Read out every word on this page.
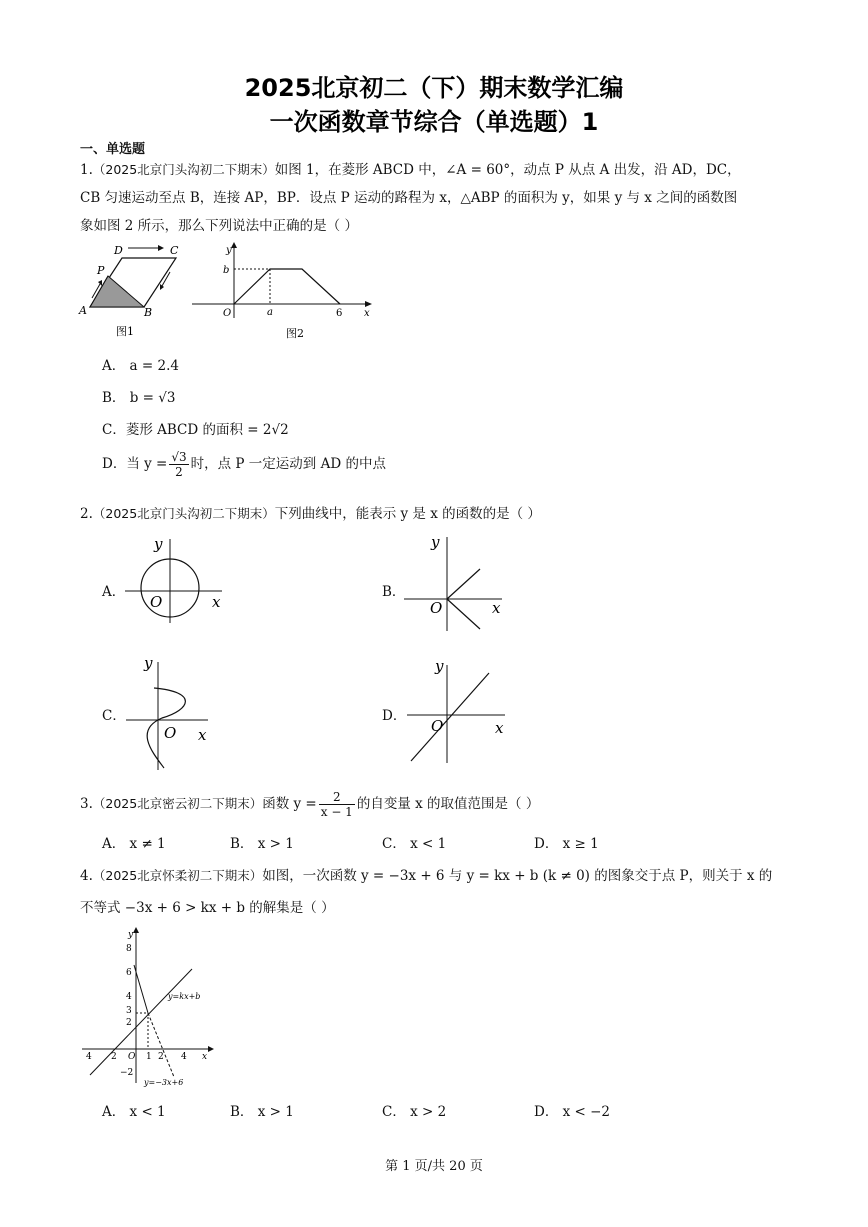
2025北京初二（下）期末数学汇编
一次函数章节综合（单选题）1
一、单选题
1.（2025北京门头沟初二下期末）如图 1，在菱形 ABCD 中，∠A = 60°，动点 P 从点 A 出发，沿 AD，DC，
CB 匀速运动至点 B，连接 AP，BP．设点 P 运动的路程为 x，△ABP 的面积为 y，如果 y 与 x 之间的函数图
象如图 2 所示，那么下列说法中正确的是（ ）
D	C
P
A	B
图1
y
b
O	a	6 x
图2
A． a = 2.4
B． b = √3
C．菱形 ABCD 的面积 = 2√2
D．当 $y = \frac{√3}{2}$ 时，点 P 一定运动到 AD 的中点
2.（2025北京门头沟初二下期末）下列曲线中，能表示 y 是 x 的函数的是（ ）
A．
y
O	x
B．
y
O	x
C．
y
O x
D．
y
O	x
3.（2025北京密云初二下期末）函数 $y = \frac{2}{x - 1}$ 的自变量 x 的取值范围是（ ）
A． x ≠ 1	B． x > 1	C． x < 1	D． x ≥ 1
4.（2025北京怀柔初二下期末）如图，一次函数 y = −3x + 6 与 y = kx + b (k ≠ 0) 的图象交于点 P，则关于 x 的
不等式 −3x + 6 > kx + b 的解集是（ ）
y
8
6
4
3
2
−2
4 2 O 1 2 4 x
y=kx+b
y=−3x+6
A． x < 1	B． x > 1	C． x > 2	D． x < −2
第 1 页/共 20 页
